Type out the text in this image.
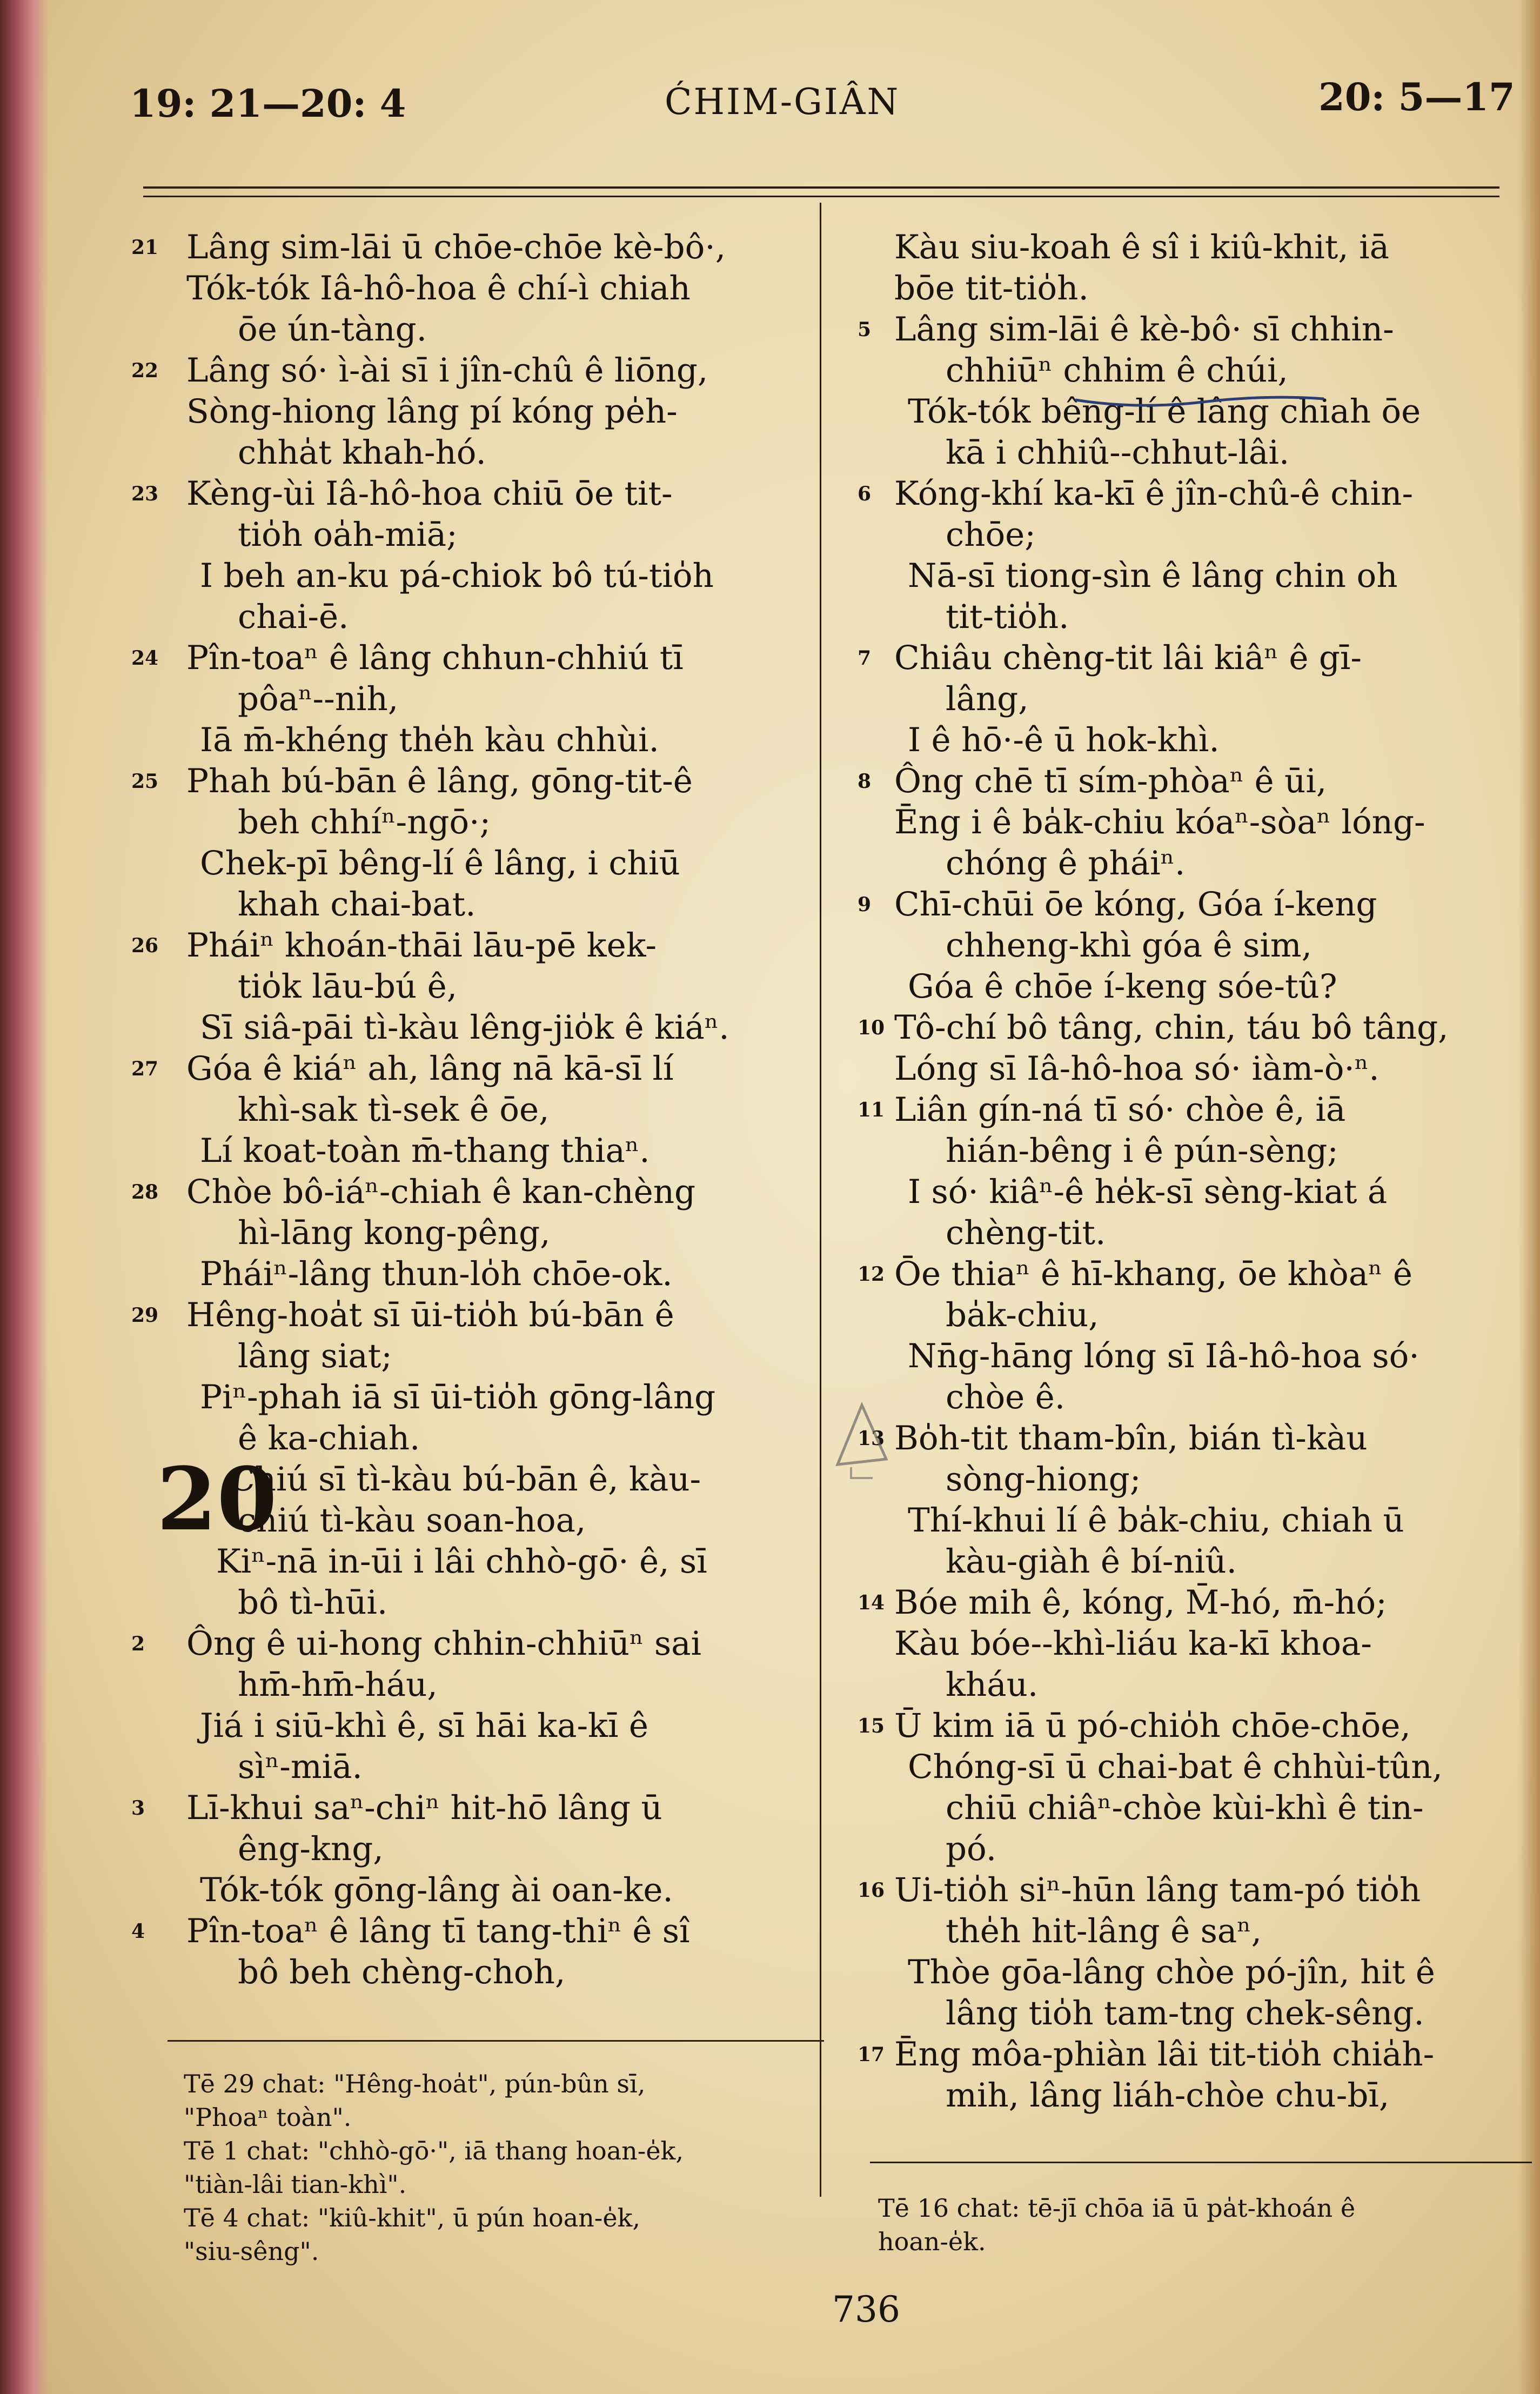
19: 21—20: 4	ĆHIM-GIÂN	20: 5—17
21 Lâng sim-lāi ū chōe-chōe kè-bô·,
Tók-tók Iâ-hô-hoa ê chí-ì chiah
ōe ún-tàng.
22 Lâng só· ì-ài sī i jîn-chû ê liōng,
Sòng-hiong lâng pí kóng pe̍h-
chha̍t khah-hó.
23 Kèng-ùi Iâ-hô-hoa chiū ōe tit-
tio̍h oa̍h-miā;
I beh an-ku pá-chiok bô tú-tio̍h
chai-ē.
24 Pîn-toaⁿ ê lâng chhun-chhiú tī
pôaⁿ--nih,
Iā m̄-khéng the̍h kàu chhùi.
25 Phah bú-bān ê lâng, gōng-tit-ê
beh chhíⁿ-ngō·;
Chek-pī bêng-lí ê lâng, i chiū
khah chai-bat.
26 Pháiⁿ khoán-thāi lāu-pē kek-
tio̍k lāu-bú ê,
Sī siâ-pāi tì-kàu lêng-jio̍k ê kiáⁿ.
27 Góa ê kiáⁿ ah, lâng nā kā-sī lí
khì-sak tì-sek ê ōe,
Lí koat-toàn m̄-thang thiaⁿ.
28 Chòe bô-iáⁿ-chiah ê kan-chèng
hì-lāng kong-pêng,
Pháiⁿ-lâng thun-lo̍h chōe-ok.
29 Hêng-hoa̍t sī ūi-tio̍h bú-bān ê
lâng siat;
Piⁿ-phah iā sī ūi-tio̍h gōng-lâng
ê ka-chiah.
20
Chiú sī tì-kàu bú-bān ê, kàu-
chiú tì-kàu soan-hoa,
Kiⁿ-nā in-ūi i lâi chhò-gō· ê, sī
bô tì-hūi.
2	Ông ê ui-hong chhin-chhiūⁿ sai
hm̄-hm̄-háu,
Jiá i siū-khì ê, sī hāi ka-kī ê
sìⁿ-miā.
3	Lī-khui saⁿ-chiⁿ hit-hō lâng ū
êng-kng,
Tók-tók gōng-lâng ài oan-ke.
4	Pîn-toaⁿ ê lâng tī tang-thiⁿ ê sî
bô beh chèng-choh,
Kàu siu-koah ê sî i kiû-khit, iā
bōe tit-tio̍h.
5 Lâng sim-lāi ê kè-bô· sī chhin-
chhiūⁿ chhim ê chúi,
Tók-tók bêng-lí ê lâng chiah ōe
kā i chhiû--chhut-lâi.
6 Kóng-khí ka-kī ê jîn-chû-ê chin-
chōe;
Nā-sī tiong-sìn ê lâng chin oh
tit-tio̍h.
7 Chiâu chèng-tit lâi kiâⁿ ê gī-
lâng,
I ê hō·-ê ū hok-khì.
8 Ông chē tī sím-phòaⁿ ê ūi,
Ēng i ê ba̍k-chiu kóaⁿ-sòaⁿ lóng-
chóng ê pháiⁿ.
9 Chī-chūi ōe kóng, Góa í-keng
chheng-khì góa ê sim,
Góa ê chōe í-keng sóe-tû?
10 Tô-chí bô tâng, chin, táu bô tâng,
Lóng sī Iâ-hô-hoa só· iàm-ò·ⁿ.
11 Liân gín-ná tī só· chòe ê, iā
hián-bêng i ê pún-sèng;
I só· kiâⁿ-ê he̍k-sī sèng-kiat á
chèng-tit.
12 Ōe thiaⁿ ê hī-khang, ōe khòaⁿ ê
ba̍k-chiu,
Nn̄g-hāng lóng sī Iâ-hô-hoa só·
chòe ê.
13 Bo̍h-tit tham-bîn, bián tì-kàu
sòng-hiong;
Thí-khui lí ê ba̍k-chiu, chiah ū
kàu-giàh ê bí-niû.
14 Bóe mih ê, kóng, M̄-hó, m̄-hó;
Kàu bóe--khì-liáu ka-kī khoa-
kháu.
15 Ū kim iā ū pó-chio̍h chōe-chōe,
Chóng-sī ū chai-bat ê chhùi-tûn,
chiū chiâⁿ-chòe kùi-khì ê tin-
pó.
16 Ui-tio̍h siⁿ-hūn lâng tam-pó tio̍h
the̍h hit-lâng ê saⁿ,
Thòe gōa-lâng chòe pó-jîn, hit ê
lâng tio̍h tam-tng chek-sêng.
17 Ēng môa-phiàn lâi tit-tio̍h chia̍h-
mih, lâng liáh-chòe chu-bī,
Tē 29 chat: "Hêng-hoa̍t", pún-bûn sī,
"Phoaⁿ toàn".
Tē 1 chat: "chhò-gō·", iā thang hoan-e̍k,
"tiàn-lâi tian-khì".
Tē 4 chat: "kiû-khit", ū pún hoan-e̍k,
"siu-sêng".
Tē 16 chat: tē-jī chōa iā ū pa̍t-khoán ê
hoan-e̍k.
736
